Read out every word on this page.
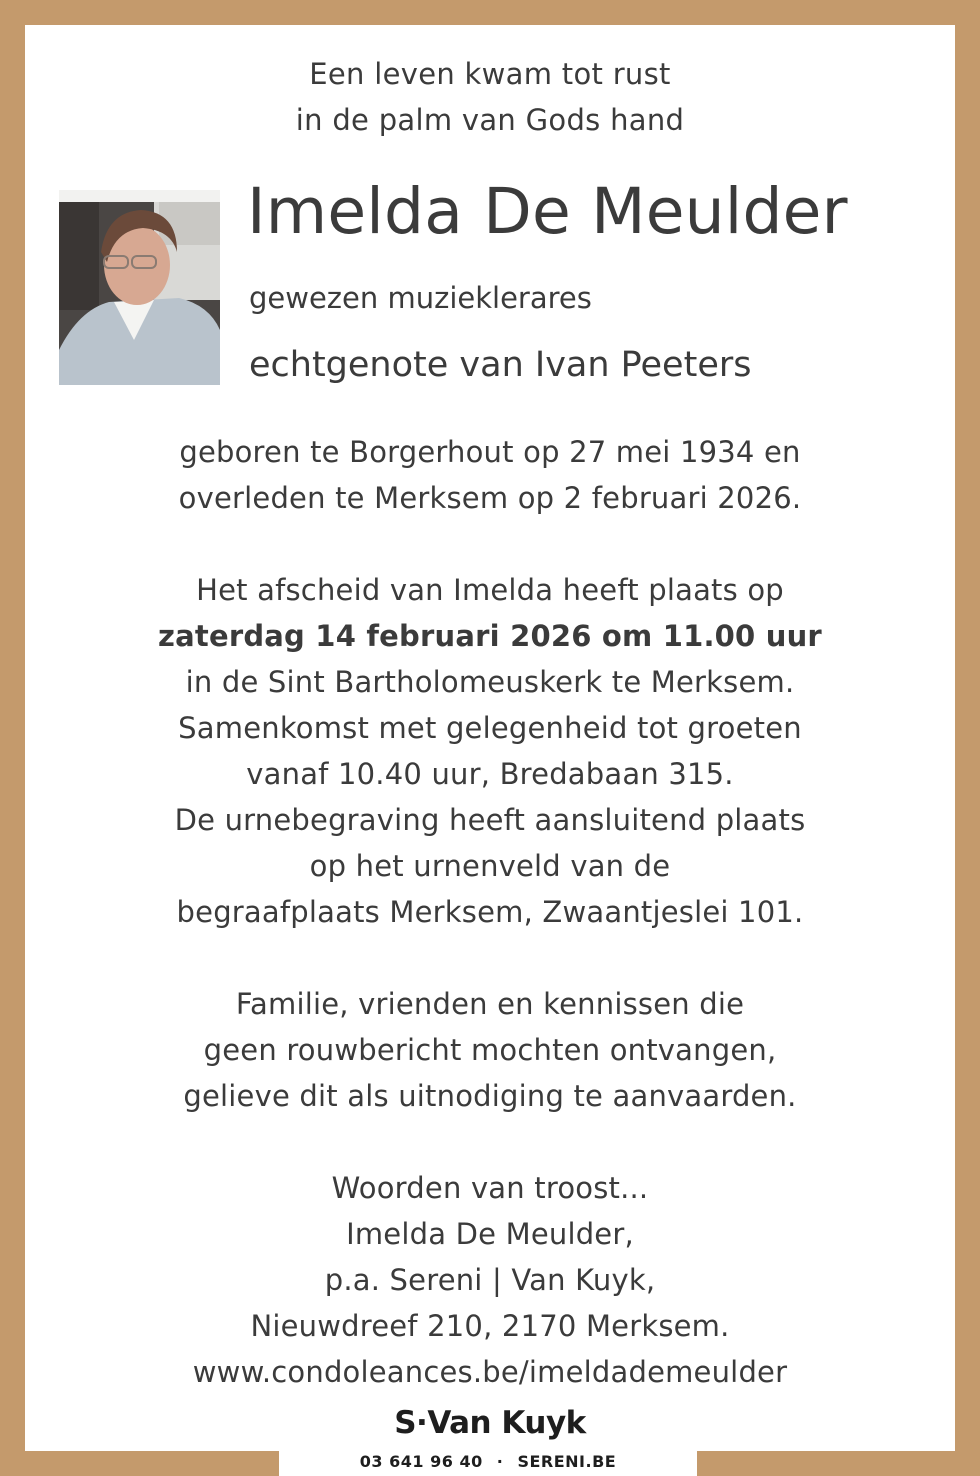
Een leven kwam tot rust
in de palm van Gods hand
Imelda De Meulder
gewezen muzieklerares
echtgenote van Ivan Peeters
geboren te Borgerhout op 27 mei 1934 en
overleden te Merksem op 2 februari 2026.
Het afscheid van Imelda heeft plaats op
zaterdag 14 februari 2026 om 11.00 uur
in de Sint Bartholomeuskerk te Merksem.
Samenkomst met gelegenheid tot groeten
vanaf 10.40 uur, Bredabaan 315.
De urnebegraving heeft aansluitend plaats
op het urnenveld van de
begraafplaats Merksem, Zwaantjeslei 101.
Familie, vrienden en kennissen die
geen rouwbericht mochten ontvangen,
gelieve dit als uitnodiging te aanvaarden.
Woorden van troost...
Imelda De Meulder,
p.a. Sereni | Van Kuyk,
Nieuwdreef 210, 2170 Merksem.
www.condoleances.be/imeldademeulder
S·Van Kuyk
03 641 96 40 · SERENI.BE
